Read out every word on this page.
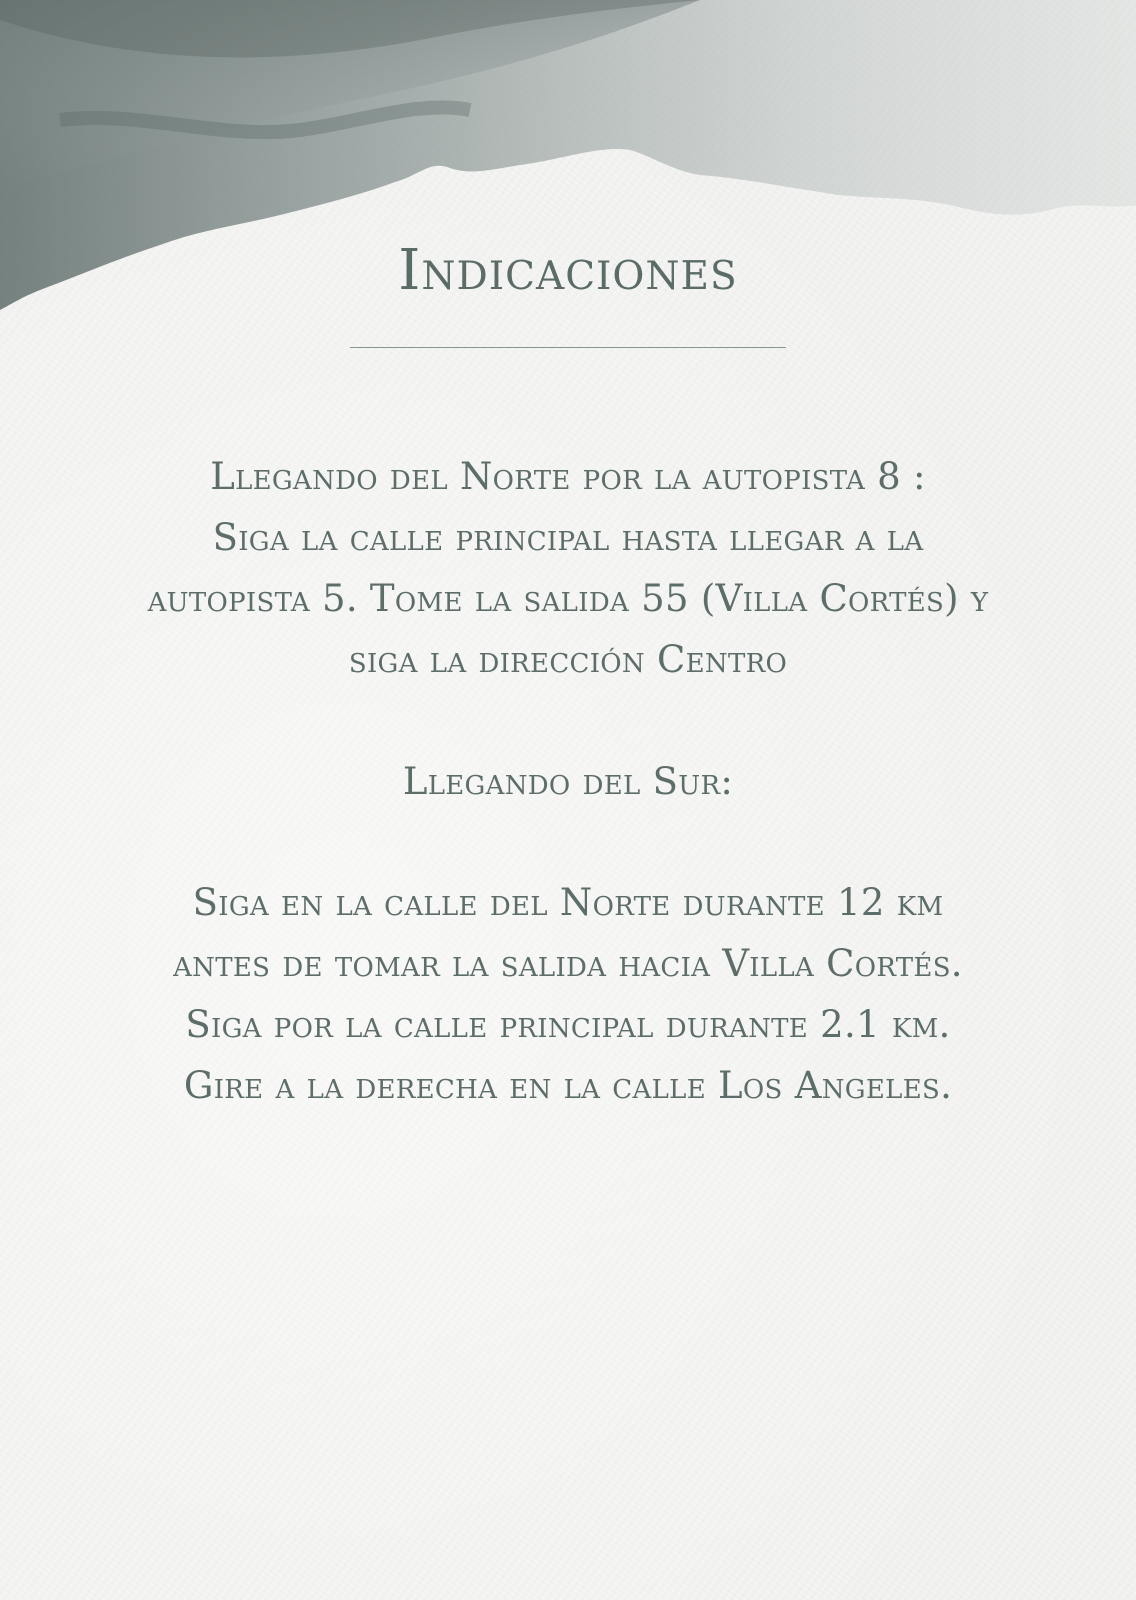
Indicaciones
Llegando del Norte por la autopista 8 :
Siga la calle principal hasta llegar a la
autopista 5. Tome la salida 55 (Villa Cortés) y
siga la dirección Centro
Llegando del Sur:
Siga en la calle del Norte durante 12 km
antes de tomar la salida hacia Villa Cortés.
Siga por la calle principal durante 2.1 km.
Gire a la derecha en la calle Los Angeles.
